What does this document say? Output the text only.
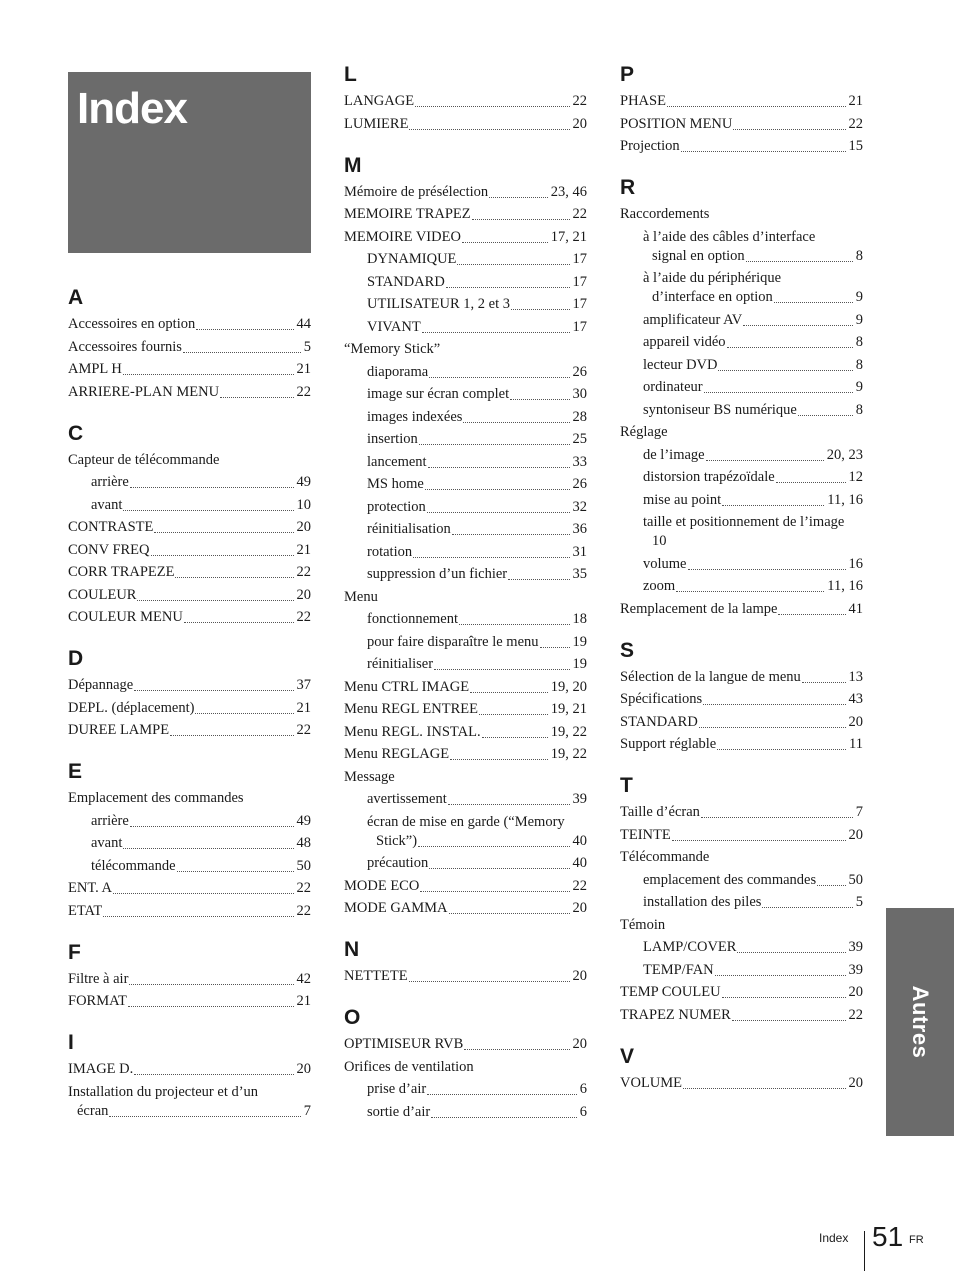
Index
A
Accessoires en option	44
Accessoires fournis	5
AMPL H	21
ARRIERE-PLAN MENU	22
C
Capteur de télécommande
arrière	49
avant	10
CONTRASTE	20
CONV FREQ	21
CORR TRAPEZE	22
COULEUR	20
COULEUR MENU	22
D
Dépannage	37
DEPL. (déplacement)	21
DUREE LAMPE	22
E
Emplacement des commandes
arrière	49
avant	48
télécommande	50
ENT. A	22
ETAT	22
F
Filtre à air	42
FORMAT	21
I
IMAGE D.	20
Installation du projecteur et d’un
écran	7
L
LANGAGE	22
LUMIERE	20
M
Mémoire de présélection	23, 46
MEMOIRE TRAPEZ	22
MEMOIRE VIDEO	17, 21
DYNAMIQUE	17
STANDARD	17
UTILISATEUR 1, 2 et 3	17
VIVANT	17
“Memory Stick”
diaporama	26
image sur écran complet	30
images indexées	28
insertion	25
lancement	33
MS home	26
protection	32
réinitialisation	36
rotation	31
suppression d’un fichier	35
Menu
fonctionnement	18
pour faire disparaître le menu 19
réinitialiser	19
Menu CTRL IMAGE	19, 20
Menu REGL ENTREE	19, 21
Menu REGL. INSTAL.	19, 22
Menu REGLAGE	19, 22
Message
avertissement	39
écran de mise en garde (“Memory
Stick”)	40
précaution	40
MODE ECO	22
MODE GAMMA	20
N
NETTETE	20
O
OPTIMISEUR RVB	20
Orifices de ventilation
prise d’air	6
sortie d’air	6
P
PHASE	21
POSITION MENU	22
Projection	15
R
Raccordements
à l’aide des câbles d’interface
signal en option	8
à l’aide du périphérique
d’interface en option	9
amplificateur AV	9
appareil vidéo	8
lecteur DVD	8
ordinateur	9
syntoniseur BS numérique	8
Réglage
de l’image	20, 23
distorsion trapézoïdale	12
mise au point	11, 16
taille et positionnement de l’image
10
volume	16
zoom	11, 16
Remplacement de la lampe	41
S
Sélection de la langue de menu	13
Spécifications	43
STANDARD	20
Support réglable	11
T
Taille d’écran	7
TEINTE	20
Télécommande
emplacement des commandes 50
installation des piles	5
Témoin
LAMP/COVER	39
TEMP/FAN	39
TEMP COULEU	20
TRAPEZ NUMER	22
V
VOLUME	20
Autres
Index 51 FR
